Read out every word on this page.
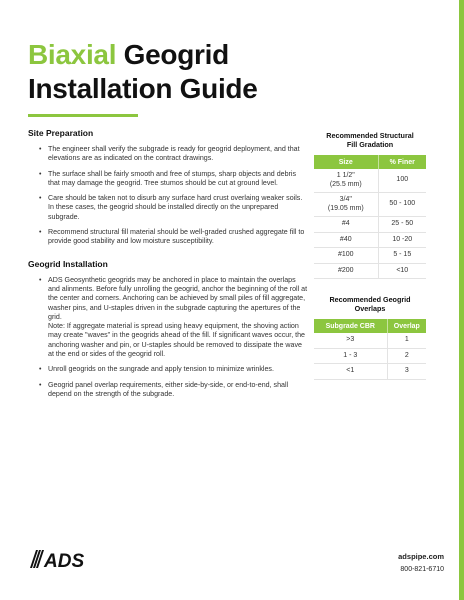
Biaxial Geogrid
Installation Guide
Site Preparation
• The engineer shall verify the subgrade is ready for geogrid deployment, and that elevations are as indicated on the contract drawings.
• The surface shall be fairly smooth and free of stumps, sharp objects and debris that may damage the geogrid. Tree stumos should be cut at ground level.
• Care should be taken not to disurb any surface hard crust overlaing weaker soils. In these cases, the geogrid should be installed directly on the unprepared subgrade.
• Recommend structural fill material should be well-graded crushed aggregate fill to provide good stability and low moisture susceptibility.
Geogrid Installation
• ADS Geosynthetic geogrids may be anchored in place to maintain the overlaps and alinments. Before fully unrolling the geogrid, anchor the beginning of the roll at the center and corners. Anchoring can be achieved by small piles of fill aggregate, washer pins, and U-staples driven in the subgrade capturing the apertures of the grid.
Note: If aggregate material is spread using heavy equipment, the shoving action may create "waves" in the geogrids ahead of the fill. If significant waves occur, the anchoring washer and pin, or U-staples should be removed to dissipate the wave at the end or sides of the geogrid roll.
• Unroll geogrids on the sungrade and apply tension to minimize wrinkles.
• Geogrid panel overlap requirements, either side-by-side, or end-to-end, shall depend on the strength of the subgrade.
Recommended Structural
Fill Gradation
Size	% Finer
1 1/2"
(25.5 mm)	100
3/4"
(19.05 mm)	50 - 100
#4	25 - 50
#40	10 -20
#100	5 - 15
#200	<10
Recommended Geogrid
Overlaps
Subgrade CBR	Overlap
>3	1
1 - 3	2
<1	3
ADS	adspipe.com
800-821-6710
